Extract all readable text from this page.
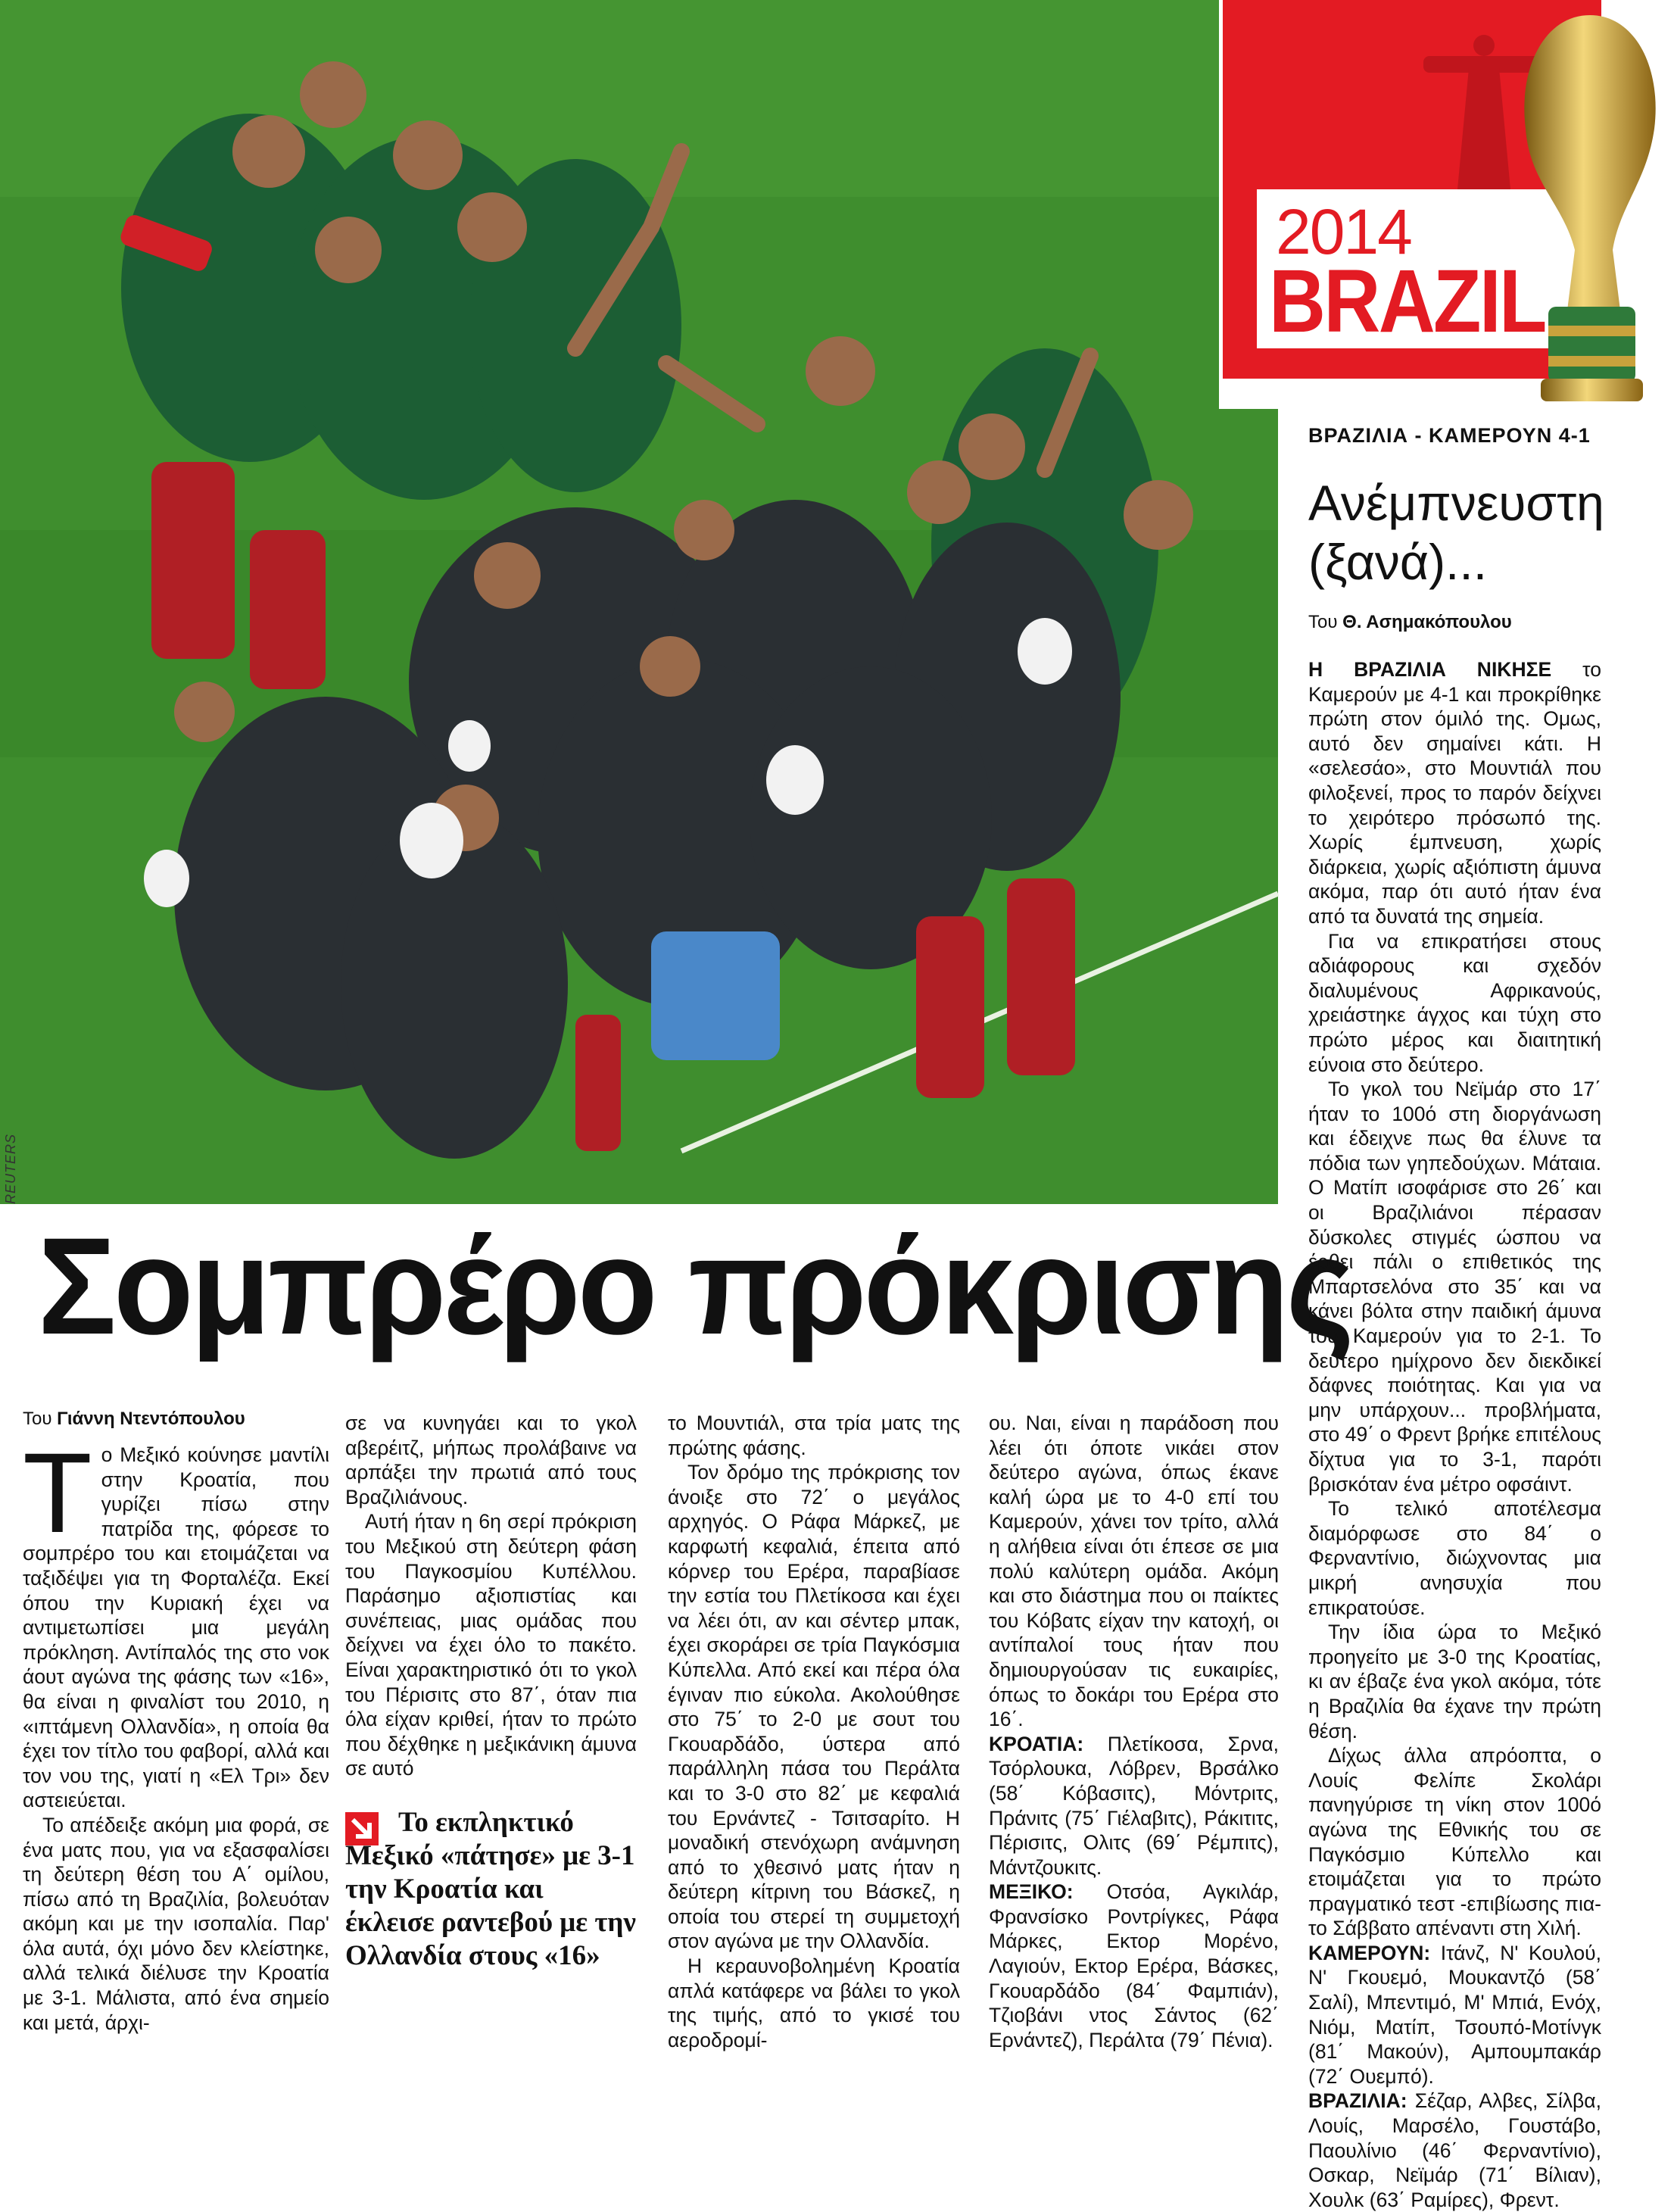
REUTERS
2014
BRAZIL
Σομπρέρο πρόκρισης
Του Γιάννη Ντεντόπουλου

Το Μεξικό κούνησε μαντίλι στην Κροατία, που γυρίζει πίσω στην πατρίδα της, φόρεσε το σομπρέρο του και ετοιμάζεται να ταξιδέψει για τη Φορταλέζα. Εκεί όπου την Κυριακή έχει να αντιμετωπίσει μια μεγάλη πρόκληση. Αντίπαλός της στο νοκ άουτ αγώνα της φάσης των «16», θα είναι η φιναλίστ του 2010, η «ιπτάμενη Ολλανδία», η οποία θα έχει τον τίτλο του φαβορί, αλλά και τον νου της, γιατί η «Ελ Τρι» δεν αστειεύεται.

Το απέδειξε ακόμη μια φορά, σε ένα ματς που, για να εξασφαλίσει τη δεύτερη θέση του Α΄ ομίλου, πίσω από τη Βραζιλία, βολευόταν ακόμη και με την ισοπαλία. Παρ' όλα αυτά, όχι μόνο δεν κλείστηκε, αλλά τελικά διέλυσε την Κροατία με 3-1. Μάλιστα, από ένα σημείο και μετά, άρχι-

σε να κυνηγάει και το γκολ αβερέιτζ, μήπως προλάβαινε να αρπάξει την πρωτιά από τους Βραζιλιάνους.

Αυτή ήταν η 6η σερί πρόκριση του Μεξικού στη δεύτερη φάση του Παγκοσμίου Κυπέλλου. Παράσημο αξιοπιστίας και συνέπειας, μιας ομάδας που δείχνει να έχει όλο το πακέτο. Είναι χαρακτηριστικό ότι το γκολ του Πέρισιτς στο 87΄, όταν πια όλα είχαν κριθεί, ήταν το πρώτο που δέχθηκε η μεξικάνικη άμυνα σε αυτό

Το εκπληκτικό Μεξικό «πάτησε» με 3-1 την Κροατία και έκλεισε ραντεβού με την Ολλανδία στους «16»

το Μουντιάλ, στα τρία ματς της πρώτης φάσης.

Τον δρόμο της πρόκρισης τον άνοιξε στο 72΄ ο μεγάλος αρχηγός. Ο Ράφα Μάρκεζ, με καρφωτή κεφαλιά, έπειτα από κόρνερ του Ερέρα, παραβίασε την εστία του Πλετίκοσα και έχει να λέει ότι, αν και σέντερ μπακ, έχει σκοράρει σε τρία Παγκόσμια Κύπελλα. Από εκεί και πέρα όλα έγιναν πιο εύκολα. Ακολούθησε στο 75΄ το 2-0 με σουτ του Γκουαρδάδο, ύστερα από παράλληλη πάσα του Περάλτα και το 3-0 στο 82΄ με κεφαλιά του Ερνάντεζ - Τσιτσαρίτο. Η μοναδική στενόχωρη ανάμνηση από το χθεσινό ματς ήταν η δεύτερη κίτρινη του Βάσκεζ, η οποία του στερεί τη συμμετοχή στον αγώνα με την Ολλανδία.

Η κεραυνοβολημένη Κροατία απλά κατάφερε να βάλει το γκολ της τιμής, από το γκισέ του αεροδρομί-

ου. Ναι, είναι η παράδοση που λέει ότι όποτε νικάει στον δεύτερο αγώνα, όπως έκανε καλή ώρα με το 4-0 επί του Καμερούν, χάνει τον τρίτο, αλλά η αλήθεια είναι ότι έπεσε σε μια πολύ καλύτερη ομάδα. Ακόμη και στο διάστημα που οι παίκτες του Κόβατς είχαν την κατοχή, οι αντίπαλοί τους ήταν που δημιουργούσαν τις ευκαιρίες, όπως το δοκάρι του Ερέρα στο 16΄.

ΚΡΟΑΤΙΑ: Πλετίκοσα, Σρνα, Τσόρλουκα, Λόβρεν, Βρσάλκο (58΄ Κόβασιτς), Μόντριτς, Πράνιτς (75΄ Γιέλαβιτς), Ράκιτιτς, Πέρισιτς, Ολιτς (69΄ Ρέμπιτς), Μάντζουκιτς.

ΜΕΞΙΚΟ: Οτσόα, Αγκιλάρ, Φρανσίσκο Ροντρίγκες, Ράφα Μάρκες, Εκτορ Μορένο, Λαγιούν, Εκτορ Ερέρα, Βάσκες, Γκουαρδάδο (84΄ Φαμπιάν), Τζιοβάνι ντος Σάντος (62΄ Ερνάντεζ), Περάλτα (79΄ Πένια).

ΒΡΑΖΙΛΙΑ - ΚΑΜΕΡΟΥΝ 4-1
Ανέμπνευστη
(ξανά)...
Του Θ. Ασημακόπουλου

Η ΒΡΑΖΙΛΙΑ ΝΙΚΗΣΕ το Καμερούν με 4-1 και προκρίθηκε πρώτη στον όμιλό της. Ομως, αυτό δεν σημαίνει κάτι. Η «σελεσάο», στο Μουντιάλ που φιλοξενεί, προς το παρόν δείχνει το χειρότερο πρόσωπό της. Χωρίς έμπνευση, χωρίς διάρκεια, χωρίς αξιόπιστη άμυνα ακόμα, παρ ότι αυτό ήταν ένα από τα δυνατά της σημεία.

Για να επικρατήσει στους αδιάφορους και σχεδόν διαλυμένους Αφρικανούς, χρειάστηκε άγχος και τύχη στο πρώτο μέρος και διαιτητική εύνοια στο δεύτερο.

Το γκολ του Νεϊμάρ στο 17΄ ήταν το 100ό στη διοργάνωση και έδειχνε πως θα έλυνε τα πόδια των γηπεδούχων. Μάταια. Ο Ματίπ ισοφάρισε στο 26΄ και οι Βραζιλιάνοι πέρασαν δύσκολες στιγμές ώσπου να έρθει πάλι ο επιθετικός της Μπαρτσελόνα στο 35΄ και να κάνει βόλτα στην παιδική άμυνα του Καμερούν για το 2-1. Το δεύτερο ημίχρονο δεν διεκδικεί δάφνες ποιότητας. Και για να μην υπάρχουν... προβλήματα, στο 49΄ ο Φρεντ βρήκε επιτέλους δίχτυα για το 3-1, παρότι βρισκόταν ένα μέτρο οφσάιντ.

Το τελικό αποτέλεσμα διαμόρφωσε στο 84΄ ο Φερναντίνιο, διώχνοντας μια μικρή ανησυχία που επικρατούσε.

Την ίδια ώρα το Μεξικό προηγείτο με 3-0 της Κροατίας, κι αν έβαζε ένα γκολ ακόμα, τότε η Βραζιλία θα έχανε την πρώτη θέση.

Δίχως άλλα απρόοπτα, ο Λουίς Φελίπε Σκολάρι πανηγύρισε τη νίκη στον 100ό αγώνα της Εθνικής του σε Παγκόσμιο Κύπελλο και ετοιμάζεται για το πρώτο πραγματικό τεστ -επιβίωσης πια- το Σάββατο απέναντι στη Χιλή.

ΚΑΜΕΡΟΥΝ: Ιτάνζ, Ν' Κουλού, Ν' Γκουεμό, Μουκαντζό (58΄ Σαλί), Μπεντιμό, Μ' Μπιά, Ενόχ, Νιόμ, Ματίπ, Τσουπό-Μοτίνγκ (81΄ Μακούν), Αμπουμπακάρ (72΄ Ουεμπό).

ΒΡΑΖΙΛΙΑ: Σέζαρ, Αλβες, Σίλβα, Λουίς, Μαρσέλο, Γουστάβο, Παουλίνιο (46΄ Φερναντίνιο), Οσκαρ, Νεϊμάρ (71΄ Βίλιαν), Χουλκ (63΄ Ραμίρες), Φρεντ.
